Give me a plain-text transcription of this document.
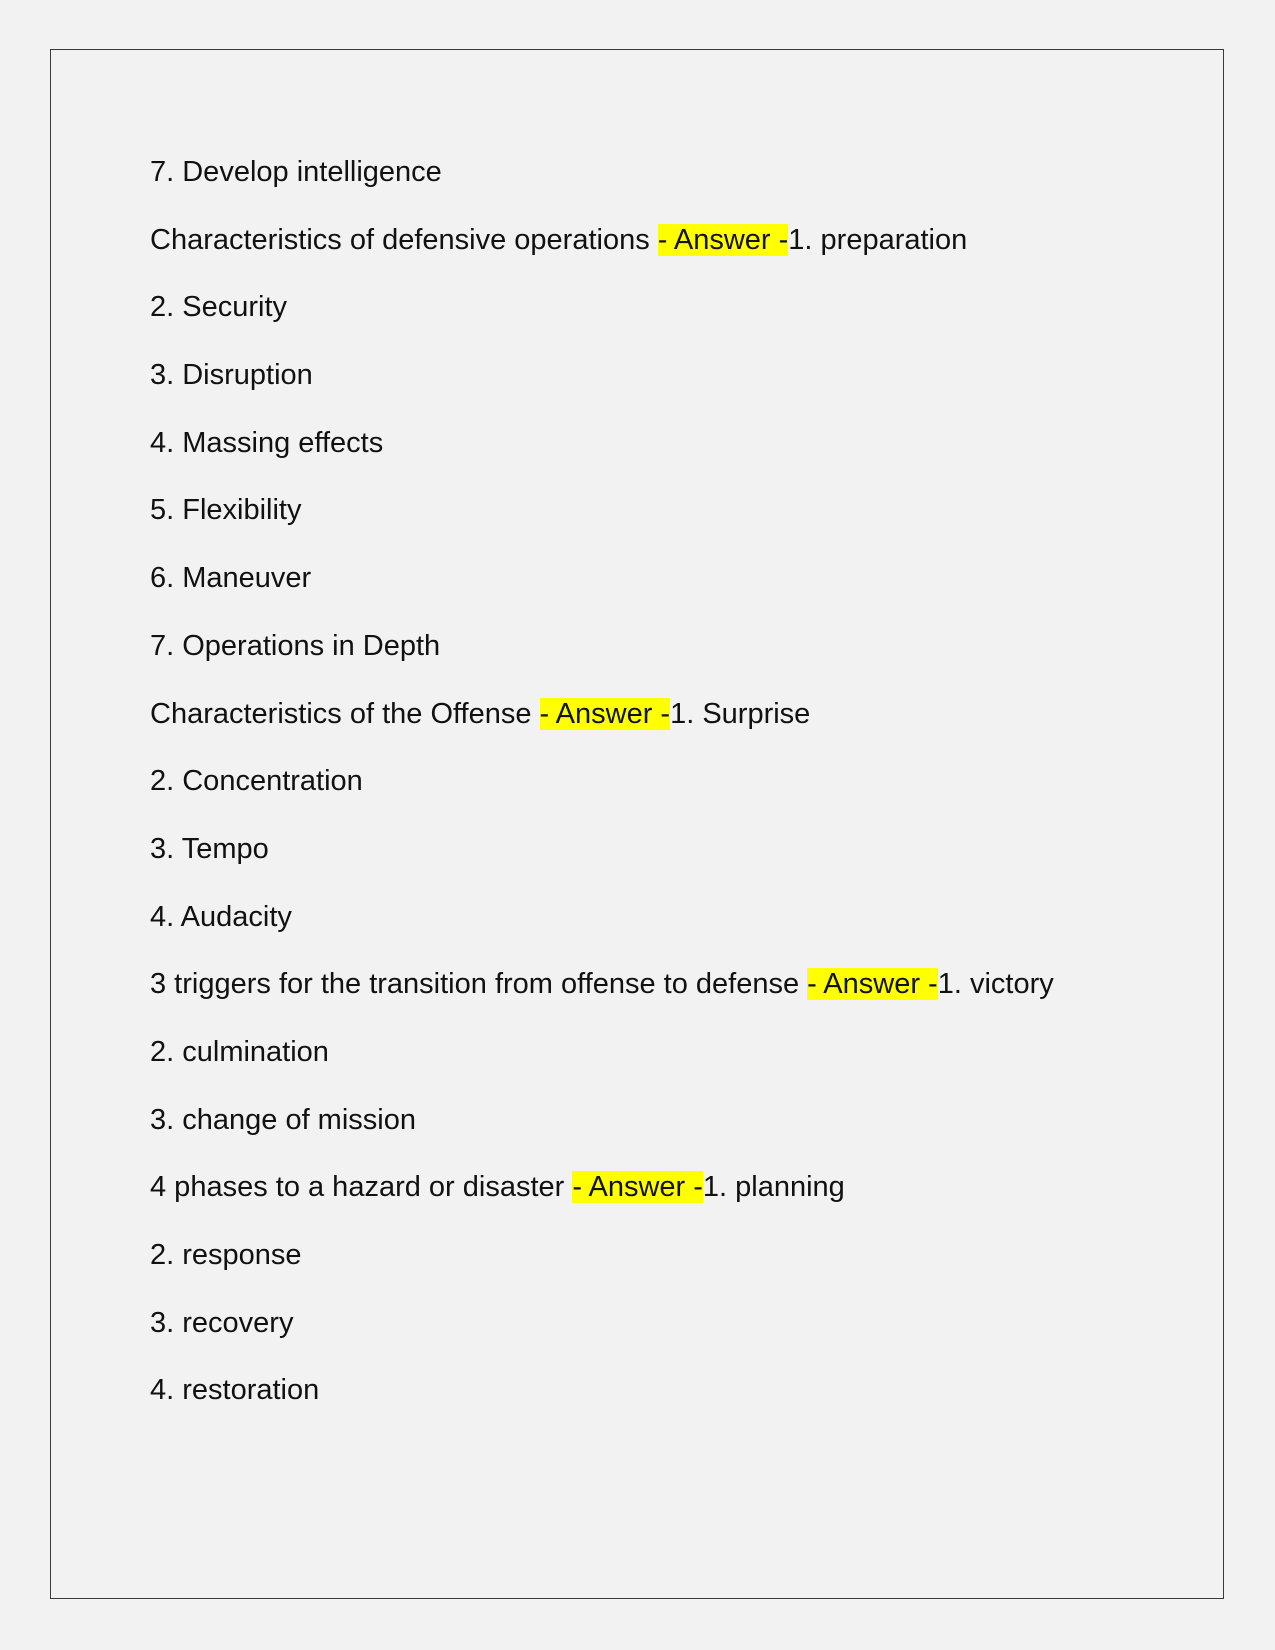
7. Develop intelligence
Characteristics of defensive operations - Answer -1. preparation
2. Security
3. Disruption
4. Massing effects
5. Flexibility
6. Maneuver
7. Operations in Depth
Characteristics of the Offense - Answer -1. Surprise
2. Concentration
3. Tempo
4. Audacity
3 triggers for the transition from offense to defense - Answer -1. victory
2. culmination
3. change of mission
4 phases to a hazard or disaster - Answer -1. planning
2. response
3. recovery
4. restoration
